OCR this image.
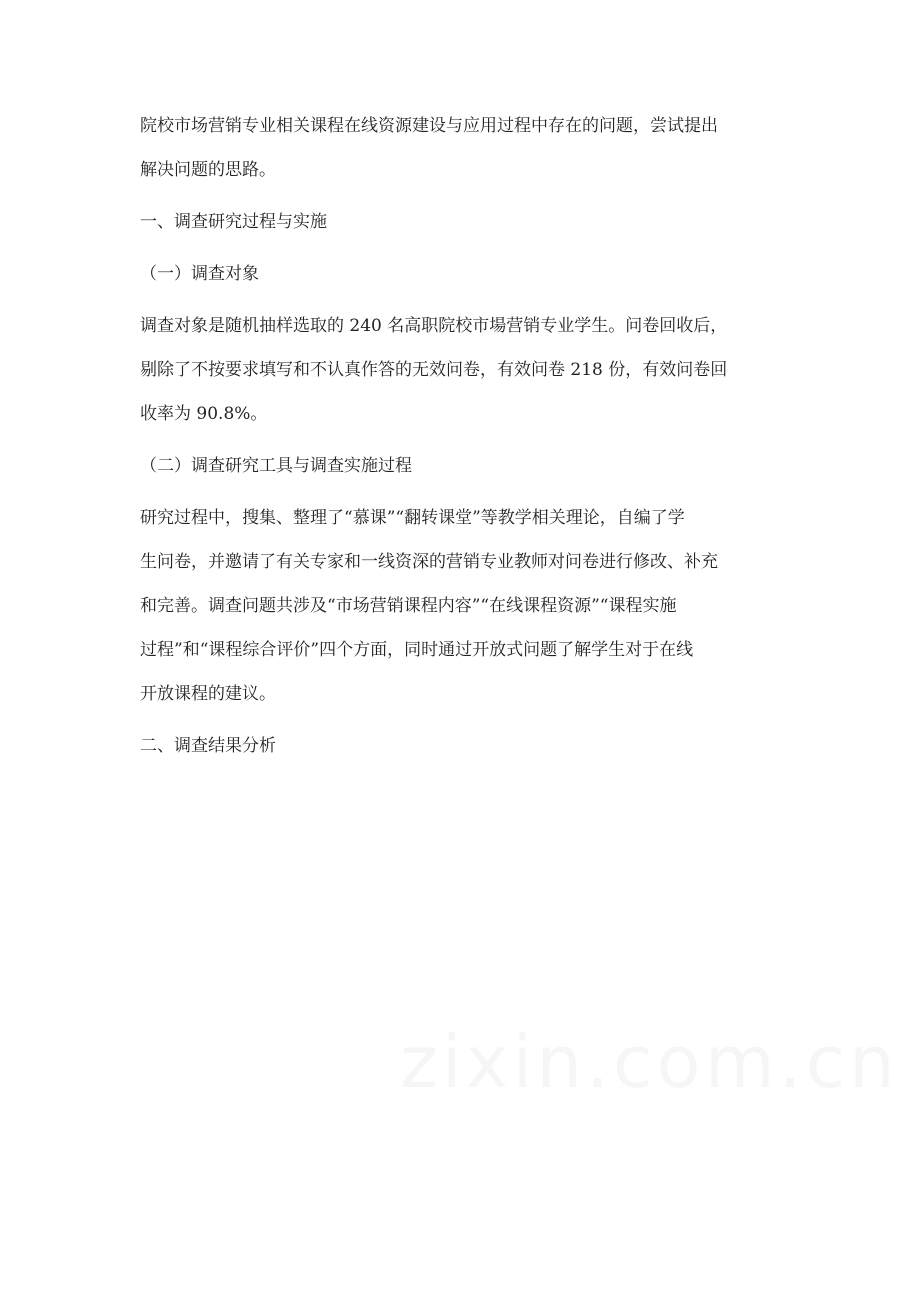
院校市场营销专业相关课程在线资源建设与应用过程中存在的问题，尝试提出
解决问题的思路。
一、调查研究过程与实施
（一）调查对象
调查对象是随机抽样选取的 240 名高职院校市場营销专业学生。问卷回收后，
剔除了不按要求填写和不认真作答的无效问卷，有效问卷 218 份，有效问卷回
收率为 90.8%。
（二）调查研究工具与调查实施过程
研究过程中，搜集、整理了“慕课”“翻转课堂”等教学相关理论，自编了学
生问卷，并邀请了有关专家和一线资深的营销专业教师对问卷进行修改、补充
和完善。调查问题共涉及“市场营销课程内容”“在线课程资源”“课程实施
过程”和“课程综合评价”四个方面，同时通过开放式问题了解学生对于在线
开放课程的建议。
二、调查结果分析
